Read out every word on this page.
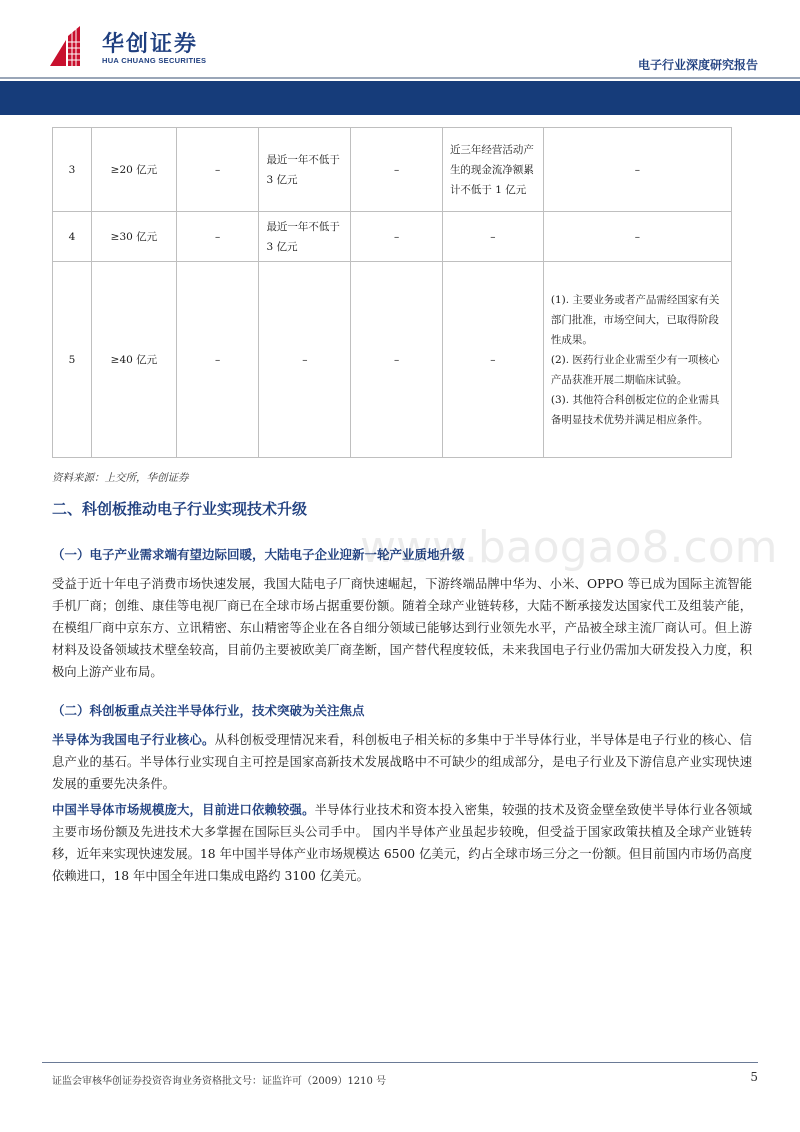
华创证券
HUA CHUANG SECURITIES	电子行业深度研究报告
3	≥20 亿元	–	最近一年不低于 3 亿元	–	近三年经营活动产生的现金流净额累计不低于 1 亿元	–
4	≥30 亿元	–	最近一年不低于 3 亿元	–	–	–
5	≥40 亿元	–	–	–	–	(1). 主要业务或者产品需经国家有关部门批准，市场空间大，已取得阶段性成果。
(2). 医药行业企业需至少有一项核心产品获准开展二期临床试验。
(3). 其他符合科创板定位的企业需具备明显技术优势并满足相应条件。
资料来源：上交所，华创证券
二、科创板推动电子行业实现技术升级
（一）电子产业需求端有望边际回暖，大陆电子企业迎新一轮产业质地升级
受益于近十年电子消费市场快速发展，我国大陆电子厂商快速崛起，下游终端品牌中华为、小米、OPPO 等已成为国际主流智能手机厂商；创维、康佳等电视厂商已在全球市场占据重要份额。随着全球产业链转移，大陆不断承接发达国家代工及组装产能，在模组厂商中京东方、立讯精密、东山精密等企业在各自细分领域已能够达到行业领先水平，产品被全球主流厂商认可。但上游材料及设备领域技术壁垒较高，目前仍主要被欧美厂商垄断，国产替代程度较低，未来我国电子行业仍需加大研发投入力度，积极向上游产业布局。
（二）科创板重点关注半导体行业，技术突破为关注焦点
半导体为我国电子行业核心。从科创板受理情况来看，科创板电子相关标的多集中于半导体行业，半导体是电子行业的核心、信息产业的基石。半导体行业实现自主可控是国家高新技术发展战略中不可缺少的组成部分，是电子行业及下游信息产业实现快速发展的重要先决条件。
中国半导体市场规模庞大，目前进口依赖较强。半导体行业技术和资本投入密集，较强的技术及资金壁垒致使半导体行业各领域主要市场份额及先进技术大多掌握在国际巨头公司手中。 国内半导体产业虽起步较晚，但受益于国家政策扶植及全球产业链转移，近年来实现快速发展。18 年中国半导体产业市场规模达 6500 亿美元，约占全球市场三分之一份额。但目前国内市场仍高度依赖进口，18 年中国全年进口集成电路约 3100 亿美元。
www.baogao8.com
证监会审核华创证券投资咨询业务资格批文号：证监许可（2009）1210 号	5
